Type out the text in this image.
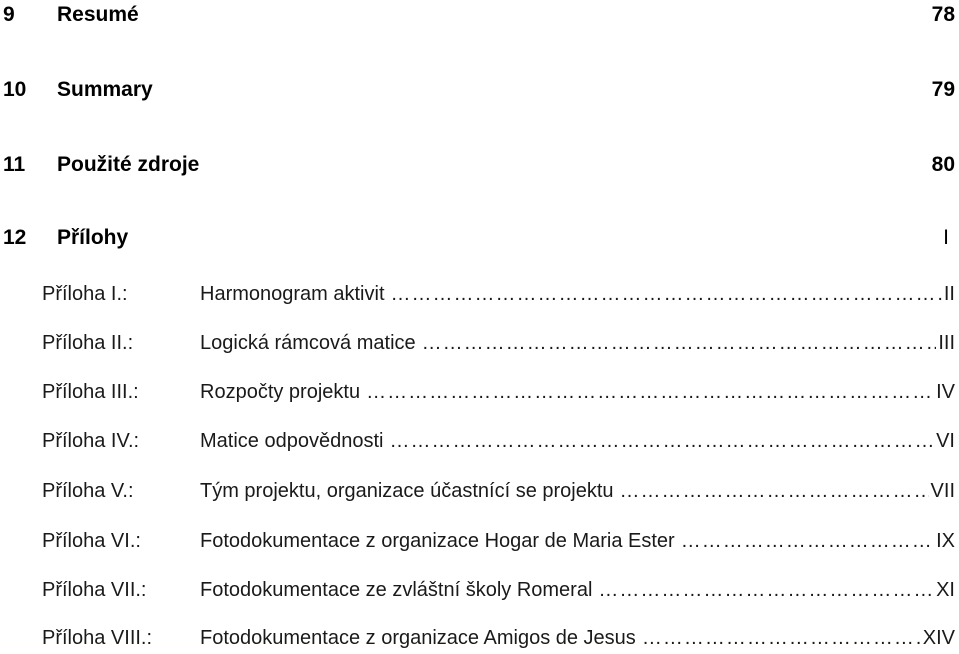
9 Resumé	78
10 Summary	79
11 Použité zdroje	80
12 Přílohy	I
Příloha I.:	Harmonogram aktivit ……………………………………………………………………………………………………………………………………………………………………………	II
Příloha II.:	Logická rámcová matice ……………………………………………………………………………………………………………………………………………………………………………	III
Příloha III.:	Rozpočty projektu ……………………………………………………………………………………………………………………………………………………………………………	IV
Příloha IV.:	Matice odpovědnosti ……………………………………………………………………………………………………………………………………………………………………………	VI
Příloha V.:	Tým projektu, organizace účastnící se projektu ……………………………………………………………………………………………………………………………………………………………………………	VII
Příloha VI.:	Fotodokumentace z organizace Hogar de Maria Ester ……………………………………………………………………………………………………………………………………………………………………………	IX
Příloha VII.:	Fotodokumentace ze zvláštní školy Romeral ……………………………………………………………………………………………………………………………………………………………………………	XI
Příloha VIII.: Fotodokumentace z organizace Amigos de Jesus ……………………………………………………………………………………………………………………………………………………………………………	XIV
